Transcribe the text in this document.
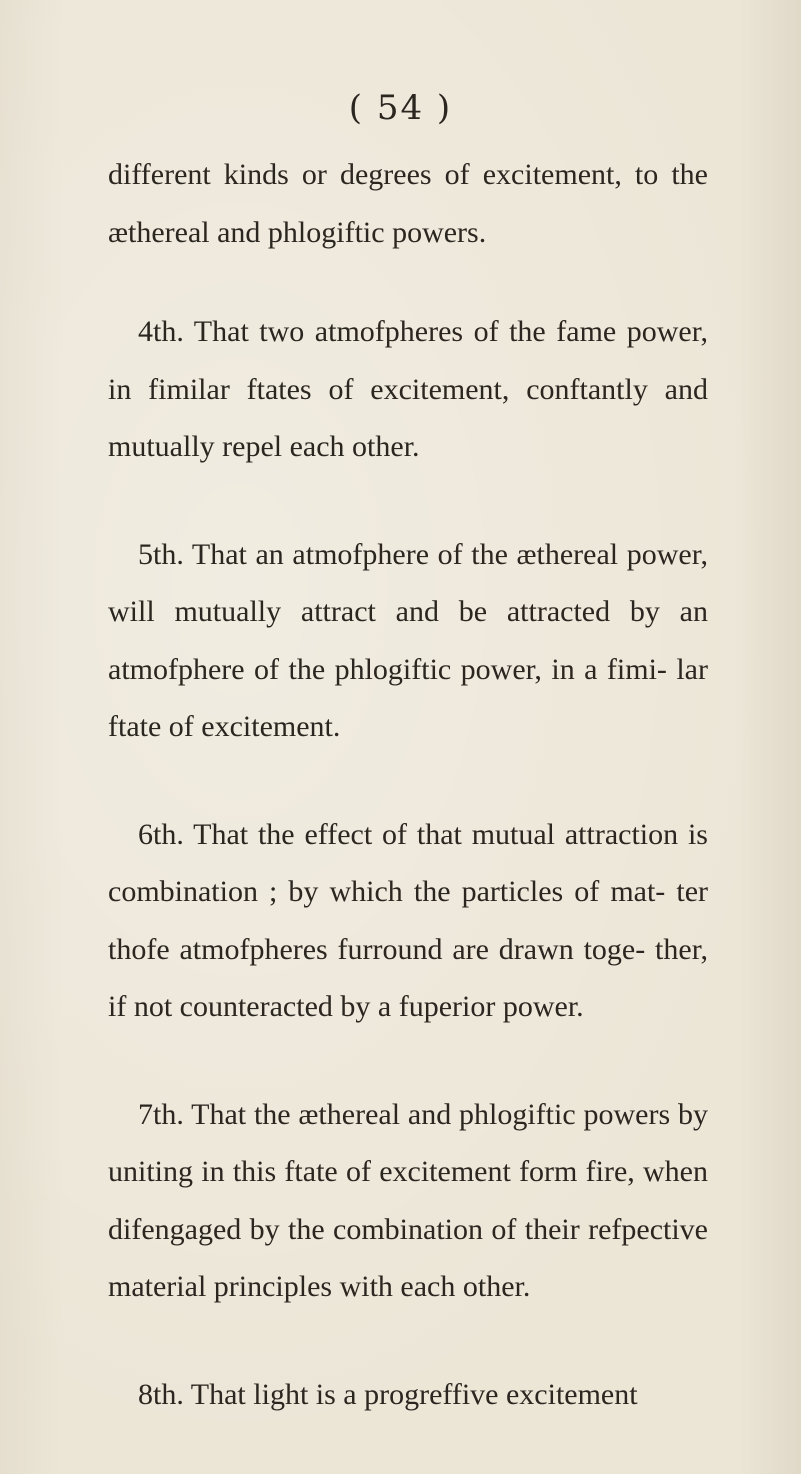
( 54 )

different kinds or degrees of excitement, to the æthereal and phlogiftic powers.

4th. That two atmofpheres of the fame power, in fimilar ftates of excitement, conftantly and mutually repel each other.

5th. That an atmofphere of the æthereal power, will mutually attract and be attracted by an atmofphere of the phlogiftic power, in a fimi- lar ftate of excitement.

6th. That the effect of that mutual attraction is combination ; by which the particles of mat- ter thofe atmofpheres furround are drawn toge- ther, if not counteracted by a fuperior power.

7th. That the æthereal and phlogiftic powers by uniting in this ftate of excitement form fire, when difengaged by the combination of their refpective material principles with each other.

8th. That light is a progreffive excitement
